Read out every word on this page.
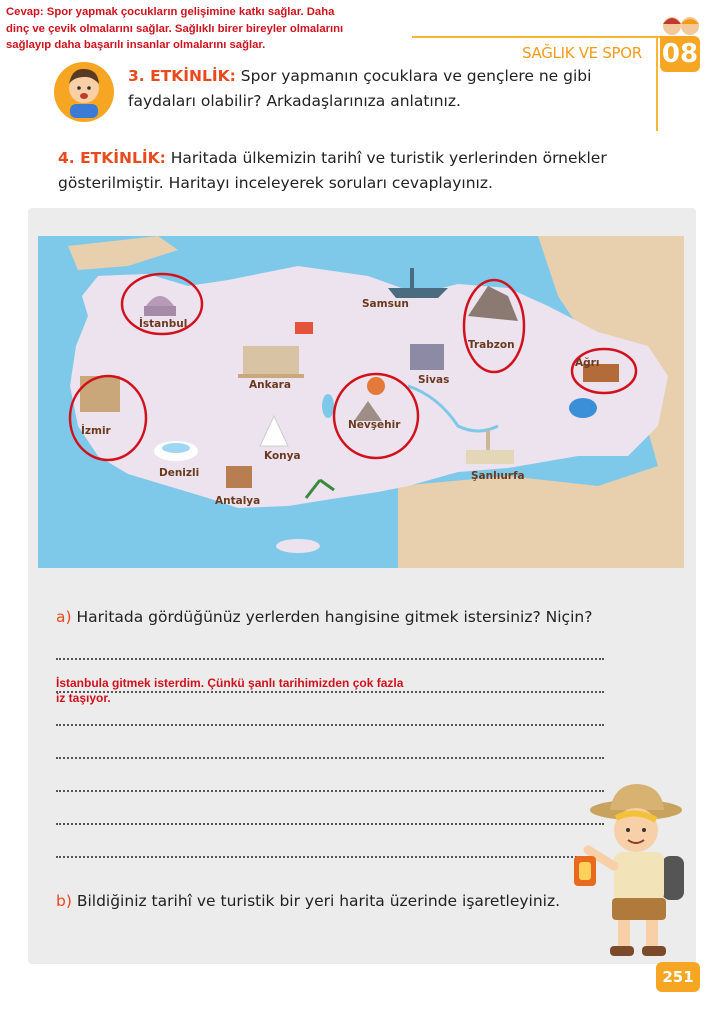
Cevap: Spor yapmak çocukların gelişimine katkı sağlar. Daha dinç ve çevik olmalarını sağlar. Sağlıklı birer bireyler olmalarını sağlayıp daha başarılı insanlar olmalarını sağlar.	SAĞLIK VE SPOR 08
3. ETKİNLİK: Spor yapmanın çocuklara ve gençlere ne gibi faydaları olabilir? Arkadaşlarınıza anlatınız.
4. ETKİNLİK: Haritada ülkemizin tarihî ve turistik yerlerinden örnekler gösterilmiştir. Haritayı inceleyerek soruları cevaplayınız.
İstanbul
Samsun
Trabzon
Ağrı
Ankara	Sivas
İzmir	Nevşehir
Konya
Denizli
Antalya
Şanlıurfa
a) Haritada gördüğünüz yerlerden hangisine gitmek istersiniz? Niçin?
İstanbula gitmek isterdim. Çünkü şanlı tarihimizden çok fazla iz taşıyor.
b) Bildiğiniz tarihî ve turistik bir yeri harita üzerinde işaretleyiniz.
251
